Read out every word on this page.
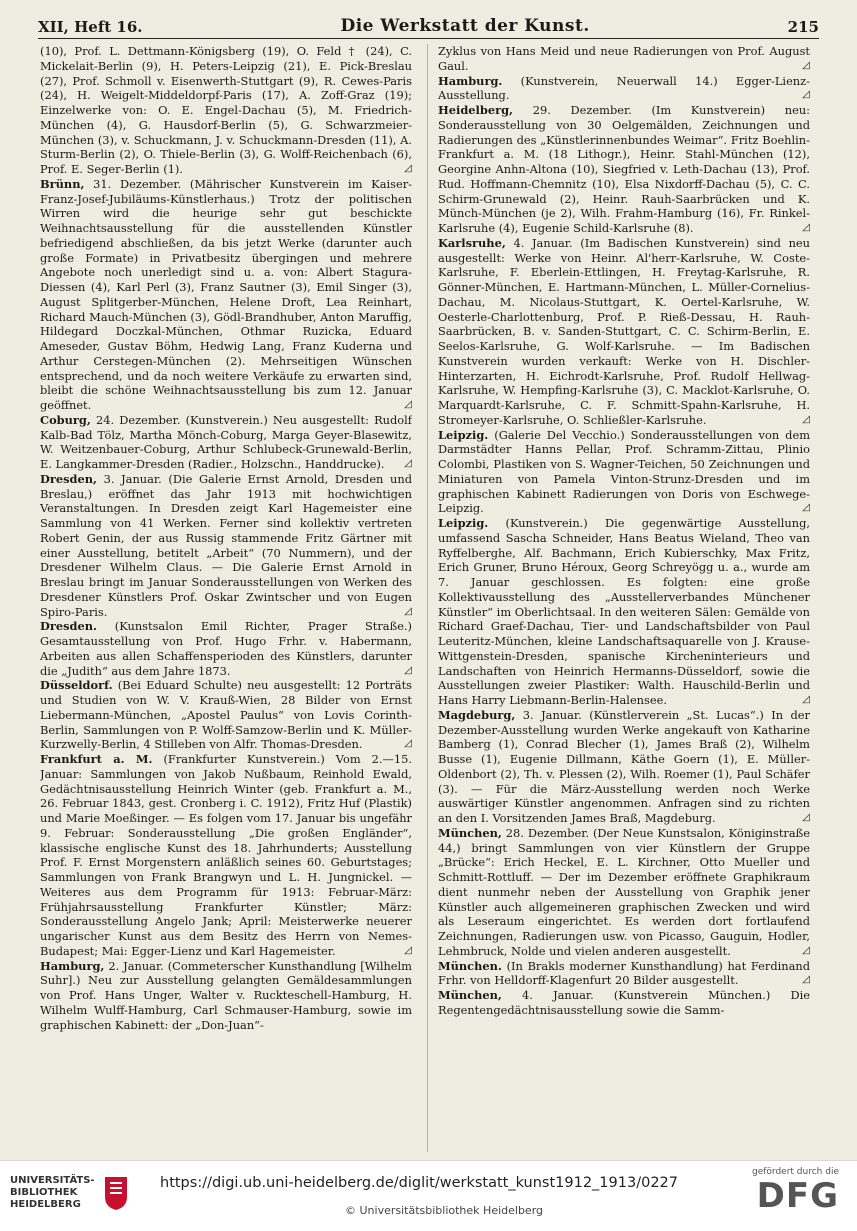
XII, Heft 16.	Die Werkstatt der Kunst.	215
(10), Prof. L. Dettmann-Königsberg (19), O. Feld † (24), C. Mickelait-Berlin (9), H. Peters-Leipzig (21), E. Pick-Breslau (27), Prof. Schmoll v. Eisenwerth-Stuttgart (9), R. Cewes-Paris (24), H. Weigelt-Middeldorpf-Paris (17), A. Zoff-Graz (19); Einzelwerke von: O. E. Engel-Dachau (5), M. Friedrich-München (4), G. Hausdorf-Berlin (5), G. Schwarzmeier-München (3), v. Schuckmann, J. v. Schuckmann-Dresden (11), A. Sturm-Berlin (2), O. Thiele-Berlin (3), G. Wolff-Reichenbach (6), Prof. E. Seger-Berlin (1).	◿
Brünn, 31. Dezember. (Mährischer Kunstverein im Kaiser-Franz-Josef-Jubiläums-Künstlerhaus.) Trotz der politischen Wirren wird die heurige sehr gut beschickte Weihnachtsausstellung für die ausstellenden Künstler befriedigend abschließen, da bis jetzt Werke (darunter auch große Formate) in Privatbesitz übergingen und mehrere Angebote noch unerledigt sind u. a. von: Albert Stagura-Diessen (4), Karl Perl (3), Franz Sautner (3), Emil Singer (3), August Splitgerber-München, Helene Droft, Lea Reinhart, Richard Mauch-München (3), Gödl-Brandhuber, Anton Maruffig, Hildegard Doczkal-München, Othmar Ruzicka, Eduard Ameseder, Gustav Böhm, Hedwig Lang, Franz Kuderna und Arthur Cerstegen-München (2). Mehrseitigen Wünschen entsprechend, und da noch weitere Verkäufe zu erwarten sind, bleibt die schöne Weihnachtsausstellung bis zum 12. Januar geöffnet.	◿
Coburg, 24. Dezember. (Kunstverein.) Neu ausgestellt: Rudolf Kalb-Bad Tölz, Martha Mönch-Coburg, Marga Geyer-Blasewitz, W. Weitzenbauer-Coburg, Arthur Schlubeck-Grunewald-Berlin, E. Langkammer-Dresden (Radier., Holzschn., Handdrucke). ◿
Dresden, 3. Januar. (Die Galerie Ernst Arnold, Dresden und Breslau,) eröffnet das Jahr 1913 mit hochwichtigen Veranstaltungen. In Dresden zeigt Karl Hagemeister eine Sammlung von 41 Werken. Ferner sind kollektiv vertreten Robert Genin, der aus Russig stammende Fritz Gärtner mit einer Ausstellung, betitelt „Arbeit“ (70 Nummern), und der Dresdener Wilhelm Claus. — Die Galerie Ernst Arnold in Breslau bringt im Januar Sonderausstellungen von Werken des Dresdener Künstlers Prof. Oskar Zwintscher und von Eugen Spiro-Paris.	◿
Dresden. (Kunstsalon Emil Richter, Prager Straße.) Gesamtausstellung von Prof. Hugo Frhr. v. Habermann, Arbeiten aus allen Schaffensperioden des Künstlers, darunter die „Judith“ aus dem Jahre 1873.	◿
Düsseldorf. (Bei Eduard Schulte) neu ausgestellt: 12 Porträts und Studien von W. V. Krauß-Wien, 28 Bilder von Ernst Liebermann-München, „Apostel Paulus“ von Lovis Corinth-Berlin, Sammlungen von P. Wolff-Samzow-Berlin und K. Müller-Kurzwelly-Berlin, 4 Stilleben von Alfr. Thomas-Dresden.	◿
Frankfurt a. M. (Frankfurter Kunstverein.) Vom 2.—15. Januar: Sammlungen von Jakob Nußbaum, Reinhold Ewald, Gedächtnisausstellung Heinrich Winter (geb. Frankfurt a. M., 26. Februar 1843, gest. Cronberg i. C. 1912), Fritz Huf (Plastik) und Marie Moeßinger. — Es folgen vom 17. Januar bis ungefähr 9. Februar: Sonderausstellung „Die großen Engländer“, klassische englische Kunst des 18. Jahrhunderts; Ausstellung Prof. F. Ernst Morgenstern anläßlich seines 60. Geburtstages; Sammlungen von Frank Brangwyn und L. H. Jungnickel. — Weiteres aus dem Programm für 1913: Februar-März: Frühjahrsausstellung Frankfurter Künstler; März: Sonderausstellung Angelo Jank; April: Meisterwerke neuerer ungarischer Kunst aus dem Besitz des Herrn von Nemes-Budapest; Mai: Egger-Lienz und Karl Hagemeister.	◿
Hamburg, 2. Januar. (Commeterscher Kunsthandlung [Wilhelm Suhr].) Neu zur Ausstellung gelangten Gemäldesammlungen von Prof. Hans Unger, Walter v. Ruckteschell-Hamburg, H. Wilhelm Wulff-Hamburg, Carl Schmauser-Hamburg, sowie im graphischen Kabinett: der „Don-Juan“-
Zyklus von Hans Meid und neue Radierungen von Prof. August Gaul.	◿
Hamburg. (Kunstverein, Neuerwall 14.) Egger-Lienz-Ausstellung.	◿
Heidelberg, 29. Dezember. (Im Kunstverein) neu: Sonderausstellung von 30 Oelgemälden, Zeichnungen und Radierungen des „Künstlerinnenbundes Weimar“. Fritz Boehlin-Frankfurt a. M. (18 Lithogr.), Heinr. Stahl-München (12), Georgine Anhn-Altona (10), Siegfried v. Leth-Dachau (13), Prof. Rud. Hoffmann-Chemnitz (10), Elsa Nixdorff-Dachau (5), C. C. Schirm-Grunewald (2), Heinr. Rauh-Saarbrücken und K. Münch-München (je 2), Wilh. Frahm-Hamburg (16), Fr. Rinkel-Karlsruhe (4), Eugenie Schild-Karlsruhe (8).	◿
Karlsruhe, 4. Januar. (Im Badischen Kunstverein) sind neu ausgestellt: Werke von Heinr. Al'herr-Karlsruhe, W. Coste-Karlsruhe, F. Eberlein-Ettlingen, H. Freytag-Karlsruhe, R. Gönner-München, E. Hartmann-München, L. Müller-Cornelius-Dachau, M. Nicolaus-Stuttgart, K. Oertel-Karlsruhe, W. Oesterle-Charlottenburg, Prof. P. Rieß-Dessau, H. Rauh-Saarbrücken, B. v. Sanden-Stuttgart, C. C. Schirm-Berlin, E. Seelos-Karlsruhe, G. Wolf-Karlsruhe. — Im Badischen Kunstverein wurden verkauft: Werke von H. Dischler-Hinterzarten, H. Eichrodt-Karlsruhe, Prof. Rudolf Hellwag-Karlsruhe, W. Hempfing-Karlsruhe (3), C. Macklot-Karlsruhe, O. Marquardt-Karlsruhe, C. F. Schmitt-Spahn-Karlsruhe, H. Stromeyer-Karlsruhe, O. Schließler-Karlsruhe.	◿
Leipzig. (Galerie Del Vecchio.) Sonderausstellungen von dem Darmstädter Hanns Pellar, Prof. Schramm-Zittau, Plinio Colombi, Plastiken von S. Wagner-Teichen, 50 Zeichnungen und Miniaturen von Pamela Vinton-Strunz-Dresden und im graphischen Kabinett Radierungen von Doris von Eschwege-Leipzig.	◿
Leipzig. (Kunstverein.) Die gegenwärtige Ausstellung, umfassend Sascha Schneider, Hans Beatus Wieland, Theo van Ryffelberghe, Alf. Bachmann, Erich Kubierschky, Max Fritz, Erich Gruner, Bruno Héroux, Georg Schreyögg u. a., wurde am 7. Januar geschlossen. Es folgten: eine große Kollektivausstellung des „Ausstellerverbandes Münchener Künstler“ im Oberlichtsaal. In den weiteren Sälen: Gemälde von Richard Graef-Dachau, Tier- und Landschaftsbilder von Paul Leuteritz-München, kleine Landschaftsaquarelle von J. Krause-Wittgenstein-Dresden, spanische Kircheninterieurs und Landschaften von Heinrich Hermanns-Düsseldorf, sowie die Ausstellungen zweier Plastiker: Walth. Hauschild-Berlin und Hans Harry Liebmann-Berlin-Halensee.	◿
Magdeburg, 3. Januar. (Künstlerverein „St. Lucas“.) In der Dezember-Ausstellung wurden Werke angekauft von Katharine Bamberg (1), Conrad Blecher (1), James Braß (2), Wilhelm Busse (1), Eugenie Dillmann, Käthe Goern (1), E. Müller-Oldenbort (2), Th. v. Plessen (2), Wilh. Roemer (1), Paul Schäfer (3). — Für die März-Ausstellung werden noch Werke auswärtiger Künstler angenommen. Anfragen sind zu richten an den I. Vorsitzenden James Braß, Magdeburg.	◿
München, 28. Dezember. (Der Neue Kunstsalon, Königinstraße 44,) bringt Sammlungen von vier Künstlern der Gruppe „Brücke“: Erich Heckel, E. L. Kirchner, Otto Mueller und Schmitt-Rottluff. — Der im Dezember eröffnete Graphikraum dient nunmehr neben der Ausstellung von Graphik jener Künstler auch allgemeineren graphischen Zwecken und wird als Leseraum eingerichtet. Es werden dort fortlaufend Zeichnungen, Radierungen usw. von Picasso, Gauguin, Hodler, Lehmbruck, Nolde und vielen anderen ausgestellt.	◿
München. (In Brakls moderner Kunsthandlung) hat Ferdinand Frhr. von Helldorff-Klagenfurt 20 Bilder ausgestellt.	◿
München, 4. Januar. (Kunstverein München.) Die Regentengedächtnisausstellung sowie die Samm-
UNIVERSITÄTS-
BIBLIOTHEK
HEIDELBERG
https://digi.ub.uni-heidelberg.de/diglit/werkstatt_kunst1912_1913/0227
© Universitätsbibliothek Heidelberg
gefördert durch die
DFG
